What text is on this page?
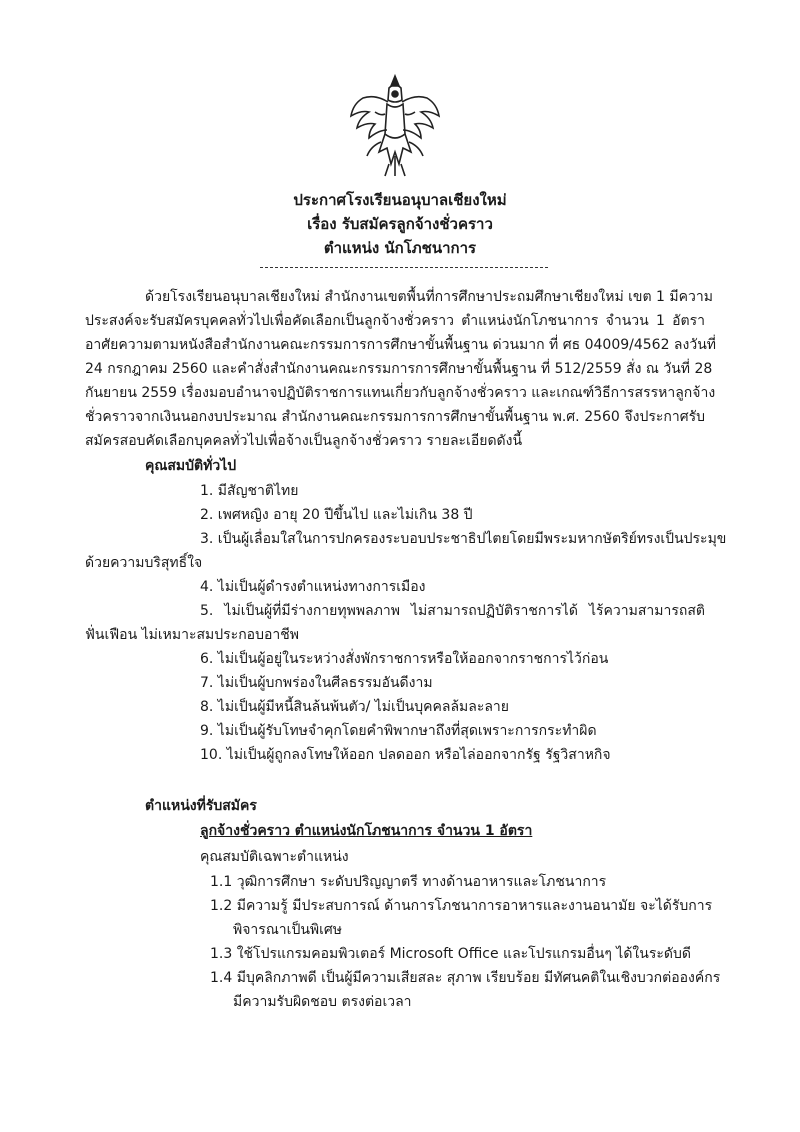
ประกาศโรงเรียนอนุบาลเชียงใหม่
เรื่อง รับสมัครลูกจ้างชั่วคราว
ตำแหน่ง นักโภชนาการ
ด้วยโรงเรียนอนุบาลเชียงใหม่ สำนักงานเขตพื้นที่การศึกษาประถมศึกษาเชียงใหม่ เขต 1 มีความ
ประสงค์จะรับสมัครบุคคลทั่วไปเพื่อคัดเลือกเป็นลูกจ้างชั่วคราว ตำแหน่งนักโภชนาการ จำนวน 1 อัตรา
อาศัยความตามหนังสือสำนักงานคณะกรรมการการศึกษาขั้นพื้นฐาน ด่วนมาก ที่ ศธ 04009/4562 ลงวันที่
24 กรกฎาคม 2560 และคำสั่งสำนักงานคณะกรรมการการศึกษาขั้นพื้นฐาน ที่ 512/2559 สั่ง ณ วันที่ 28
กันยายน 2559 เรื่องมอบอำนาจปฏิบัติราชการแทนเกี่ยวกับลูกจ้างชั่วคราว และเกณฑ์วิธีการสรรหาลูกจ้าง
ชั่วคราวจากเงินนอกงบประมาณ สำนักงานคณะกรรมการการศึกษาขั้นพื้นฐาน พ.ศ. 2560 จึงประกาศรับ
สมัครสอบคัดเลือกบุคคลทั่วไปเพื่อจ้างเป็นลูกจ้างชั่วคราว รายละเอียดดังนี้
คุณสมบัติทั่วไป
1. มีสัญชาติไทย
2. เพศหญิง อายุ 20 ปีขึ้นไป และไม่เกิน 38 ปี
3. เป็นผู้เลื่อมใสในการปกครองระบอบประชาธิปไตยโดยมีพระมหากษัตริย์ทรงเป็นประมุข
ด้วยความบริสุทธิ์ใจ
4. ไม่เป็นผู้ดำรงตำแหน่งทางการเมือง
5. ไม่เป็นผู้ที่มีร่างกายทุพพลภาพ ไม่สามารถปฏิบัติราชการได้ ไร้ความสามารถสติ
ฟั่นเฟือน ไม่เหมาะสมประกอบอาชีพ
6. ไม่เป็นผู้อยู่ในระหว่างสั่งพักราชการหรือให้ออกจากราชการไว้ก่อน
7. ไม่เป็นผู้บกพร่องในศีลธรรมอันดีงาม
8. ไม่เป็นผู้มีหนี้สินล้นพ้นตัว/ ไม่เป็นบุคคลล้มละลาย
9. ไม่เป็นผู้รับโทษจำคุกโดยคำพิพากษาถึงที่สุดเพราะการกระทำผิด
10. ไม่เป็นผู้ถูกลงโทษให้ออก ปลดออก หรือไล่ออกจากรัฐ รัฐวิสาหกิจ
ตำแหน่งที่รับสมัคร
ลูกจ้างชั่วคราว ตำแหน่งนักโภชนาการ จำนวน 1 อัตรา
คุณสมบัติเฉพาะตำแหน่ง
1.1 วุฒิการศึกษา ระดับปริญญาตรี ทางด้านอาหารและโภชนาการ
1.2 มีความรู้ มีประสบการณ์ ด้านการโภชนาการอาหารและงานอนามัย จะได้รับการ
พิจารณาเป็นพิเศษ
1.3 ใช้โปรแกรมคอมพิวเตอร์ Microsoft Office และโปรแกรมอื่นๆ ได้ในระดับดี
1.4 มีบุคลิกภาพดี เป็นผู้มีความเสียสละ สุภาพ เรียบร้อย มีทัศนคติในเชิงบวกต่อองค์กร
มีความรับผิดชอบ ตรงต่อเวลา
